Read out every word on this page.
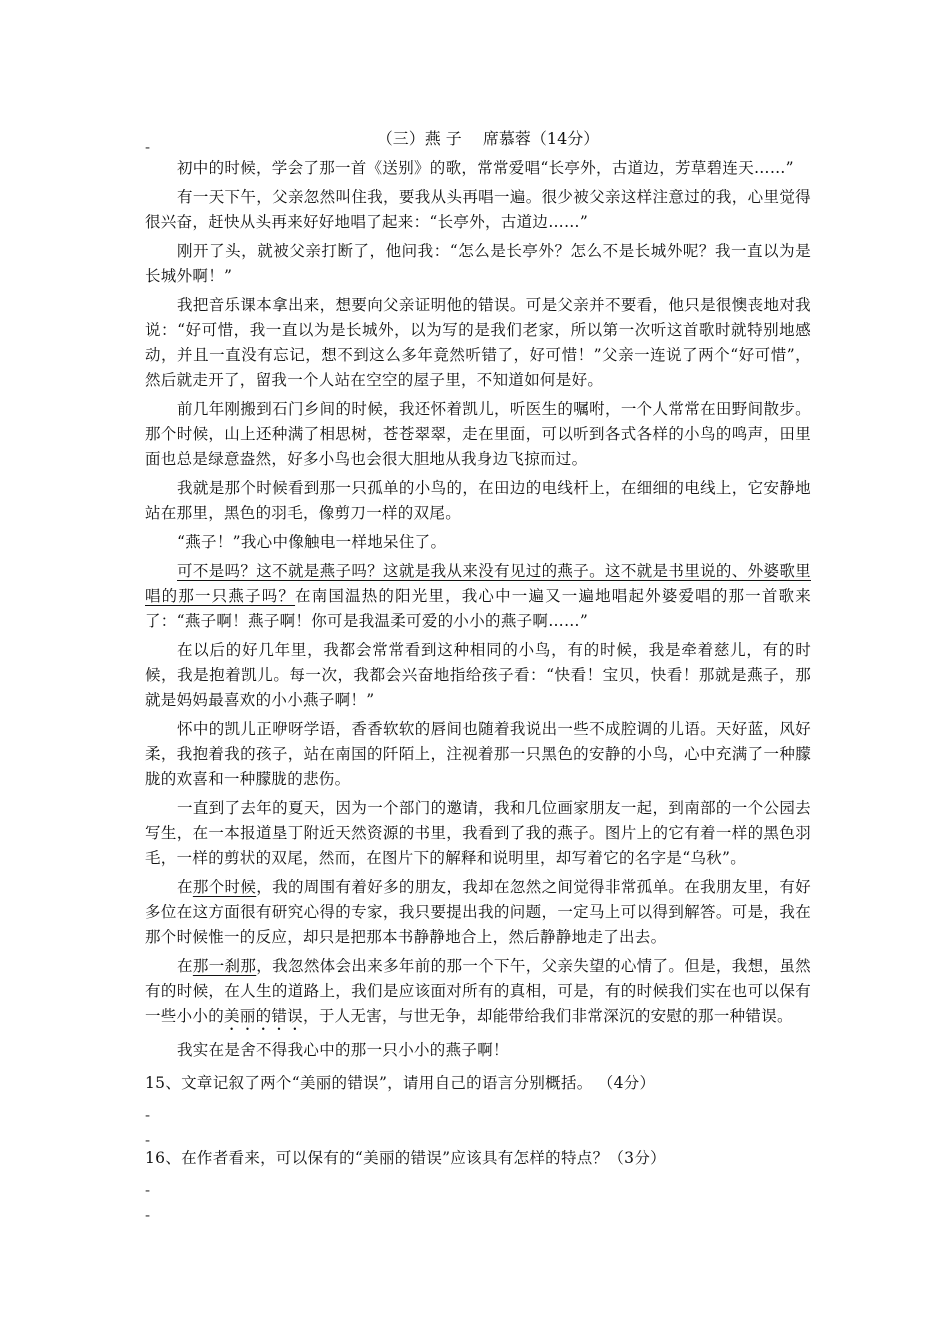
-	（三）燕 子　 席慕蓉（14分）

初中的时候，学会了那一首《送别》的歌，常常爱唱“长亭外，古道边，芳草碧连天……”

有一天下午，父亲忽然叫住我，要我从头再唱一遍。很少被父亲这样注意过的我，心里觉得很兴奋，赶快从头再来好好地唱了起来：“长亭外，古道边……”

刚开了头，就被父亲打断了，他问我：“怎么是长亭外？怎么不是长城外呢？我一直以为是长城外啊！”

我把音乐课本拿出来，想要向父亲证明他的错误。可是父亲并不要看，他只是很懊丧地对我说：“好可惜，我一直以为是长城外，以为写的是我们老家，所以第一次听这首歌时就特别地感动，并且一直没有忘记，想不到这么多年竟然听错了，好可惜！”父亲一连说了两个“好可惜”，然后就走开了，留我一个人站在空空的屋子里，不知道如何是好。

前几年刚搬到石门乡间的时候，我还怀着凯儿，听医生的嘱咐，一个人常常在田野间散步。那个时候，山上还种满了相思树，苍苍翠翠，走在里面，可以听到各式各样的小鸟的鸣声，田里面也总是绿意盎然，好多小鸟也会很大胆地从我身边飞掠而过。

我就是那个时候看到那一只孤单的小鸟的，在田边的电线杆上，在细细的电线上，它安静地站在那里，黑色的羽毛，像剪刀一样的双尾。

“燕子！”我心中像触电一样地呆住了。

可不是吗？这不就是燕子吗？这就是我从来没有见过的燕子。这不就是书里说的、外婆歌里唱的那一只燕子吗？在南国温热的阳光里，我心中一遍又一遍地唱起外婆爱唱的那一首歌来了：“燕子啊！燕子啊！你可是我温柔可爱的小小的燕子啊……”

在以后的好几年里，我都会常常看到这种相同的小鸟，有的时候，我是牵着慈儿，有的时候，我是抱着凯儿。每一次，我都会兴奋地指给孩子看：“快看！宝贝，快看！那就是燕子，那就是妈妈最喜欢的小小燕子啊！”

怀中的凯儿正咿呀学语，香香软软的唇间也随着我说出一些不成腔调的儿语。天好蓝，风好柔，我抱着我的孩子，站在南国的阡陌上，注视着那一只黑色的安静的小鸟，心中充满了一种朦胧的欢喜和一种朦胧的悲伤。

一直到了去年的夏天，因为一个部门的邀请，我和几位画家朋友一起，到南部的一个公园去写生，在一本报道垦丁附近天然资源的书里，我看到了我的燕子。图片上的它有着一样的黑色羽毛，一样的剪状的双尾，然而，在图片下的解释和说明里，却写着它的名字是“乌秋”。

在那个时候，我的周围有着好多的朋友，我却在忽然之间觉得非常孤单。在我朋友里，有好多位在这方面很有研究心得的专家，我只要提出我的问题，一定马上可以得到解答。可是，我在那个时候惟一的反应，却只是把那本书静静地合上，然后静静地走了出去。

在那一刹那，我忽然体会出来多年前的那一个下午，父亲失望的心情了。但是，我想，虽然有的时候，在人生的道路上，我们是应该面对所有的真相，可是，有的时候我们实在也可以保有一些小小的美丽的错误，于人无害，与世无争，却能带给我们非常深沉的安慰的那一种错误。

我实在是舍不得我心中的那一只小小的燕子啊！

15、文章记叙了两个“美丽的错误”，请用自己的语言分别概括。 （4分）
-
-
16、在作者看来，可以保有的“美丽的错误”应该具有怎样的特点？（3分）
-
-
